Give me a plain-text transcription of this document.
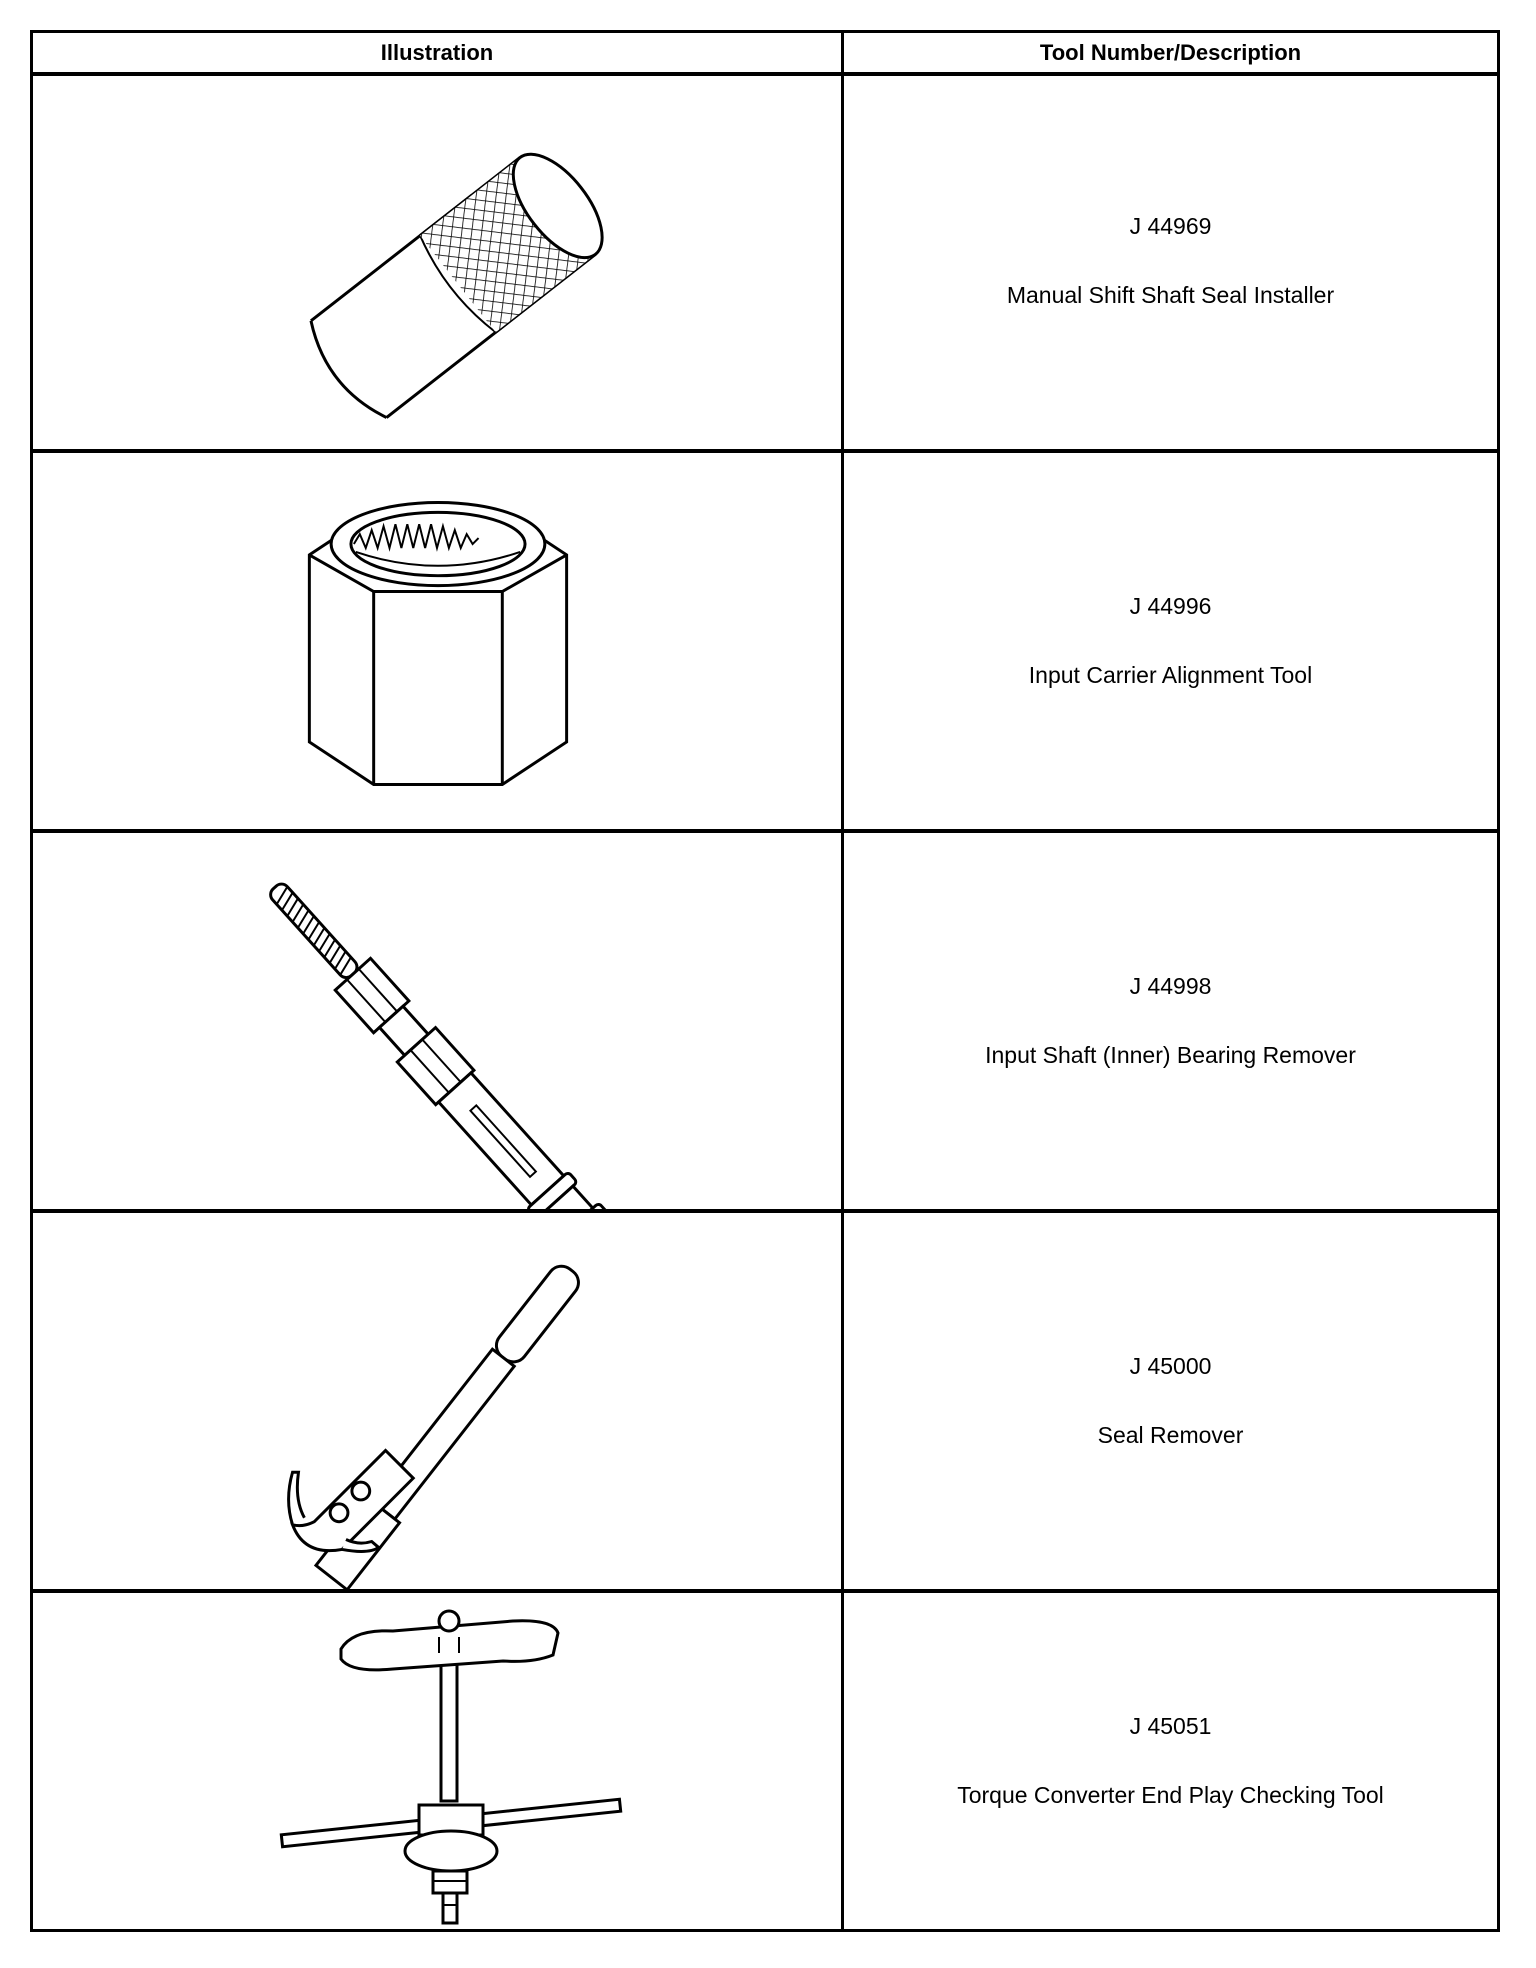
Illustration	Tool Number/Description
J 44969
Manual Shift Shaft Seal Installer
J 44996
Input Carrier Alignment Tool
J 44998
Input Shaft (Inner) Bearing Remover
J 45000
Seal Remover
J 45051
Torque Converter End Play Checking Tool
